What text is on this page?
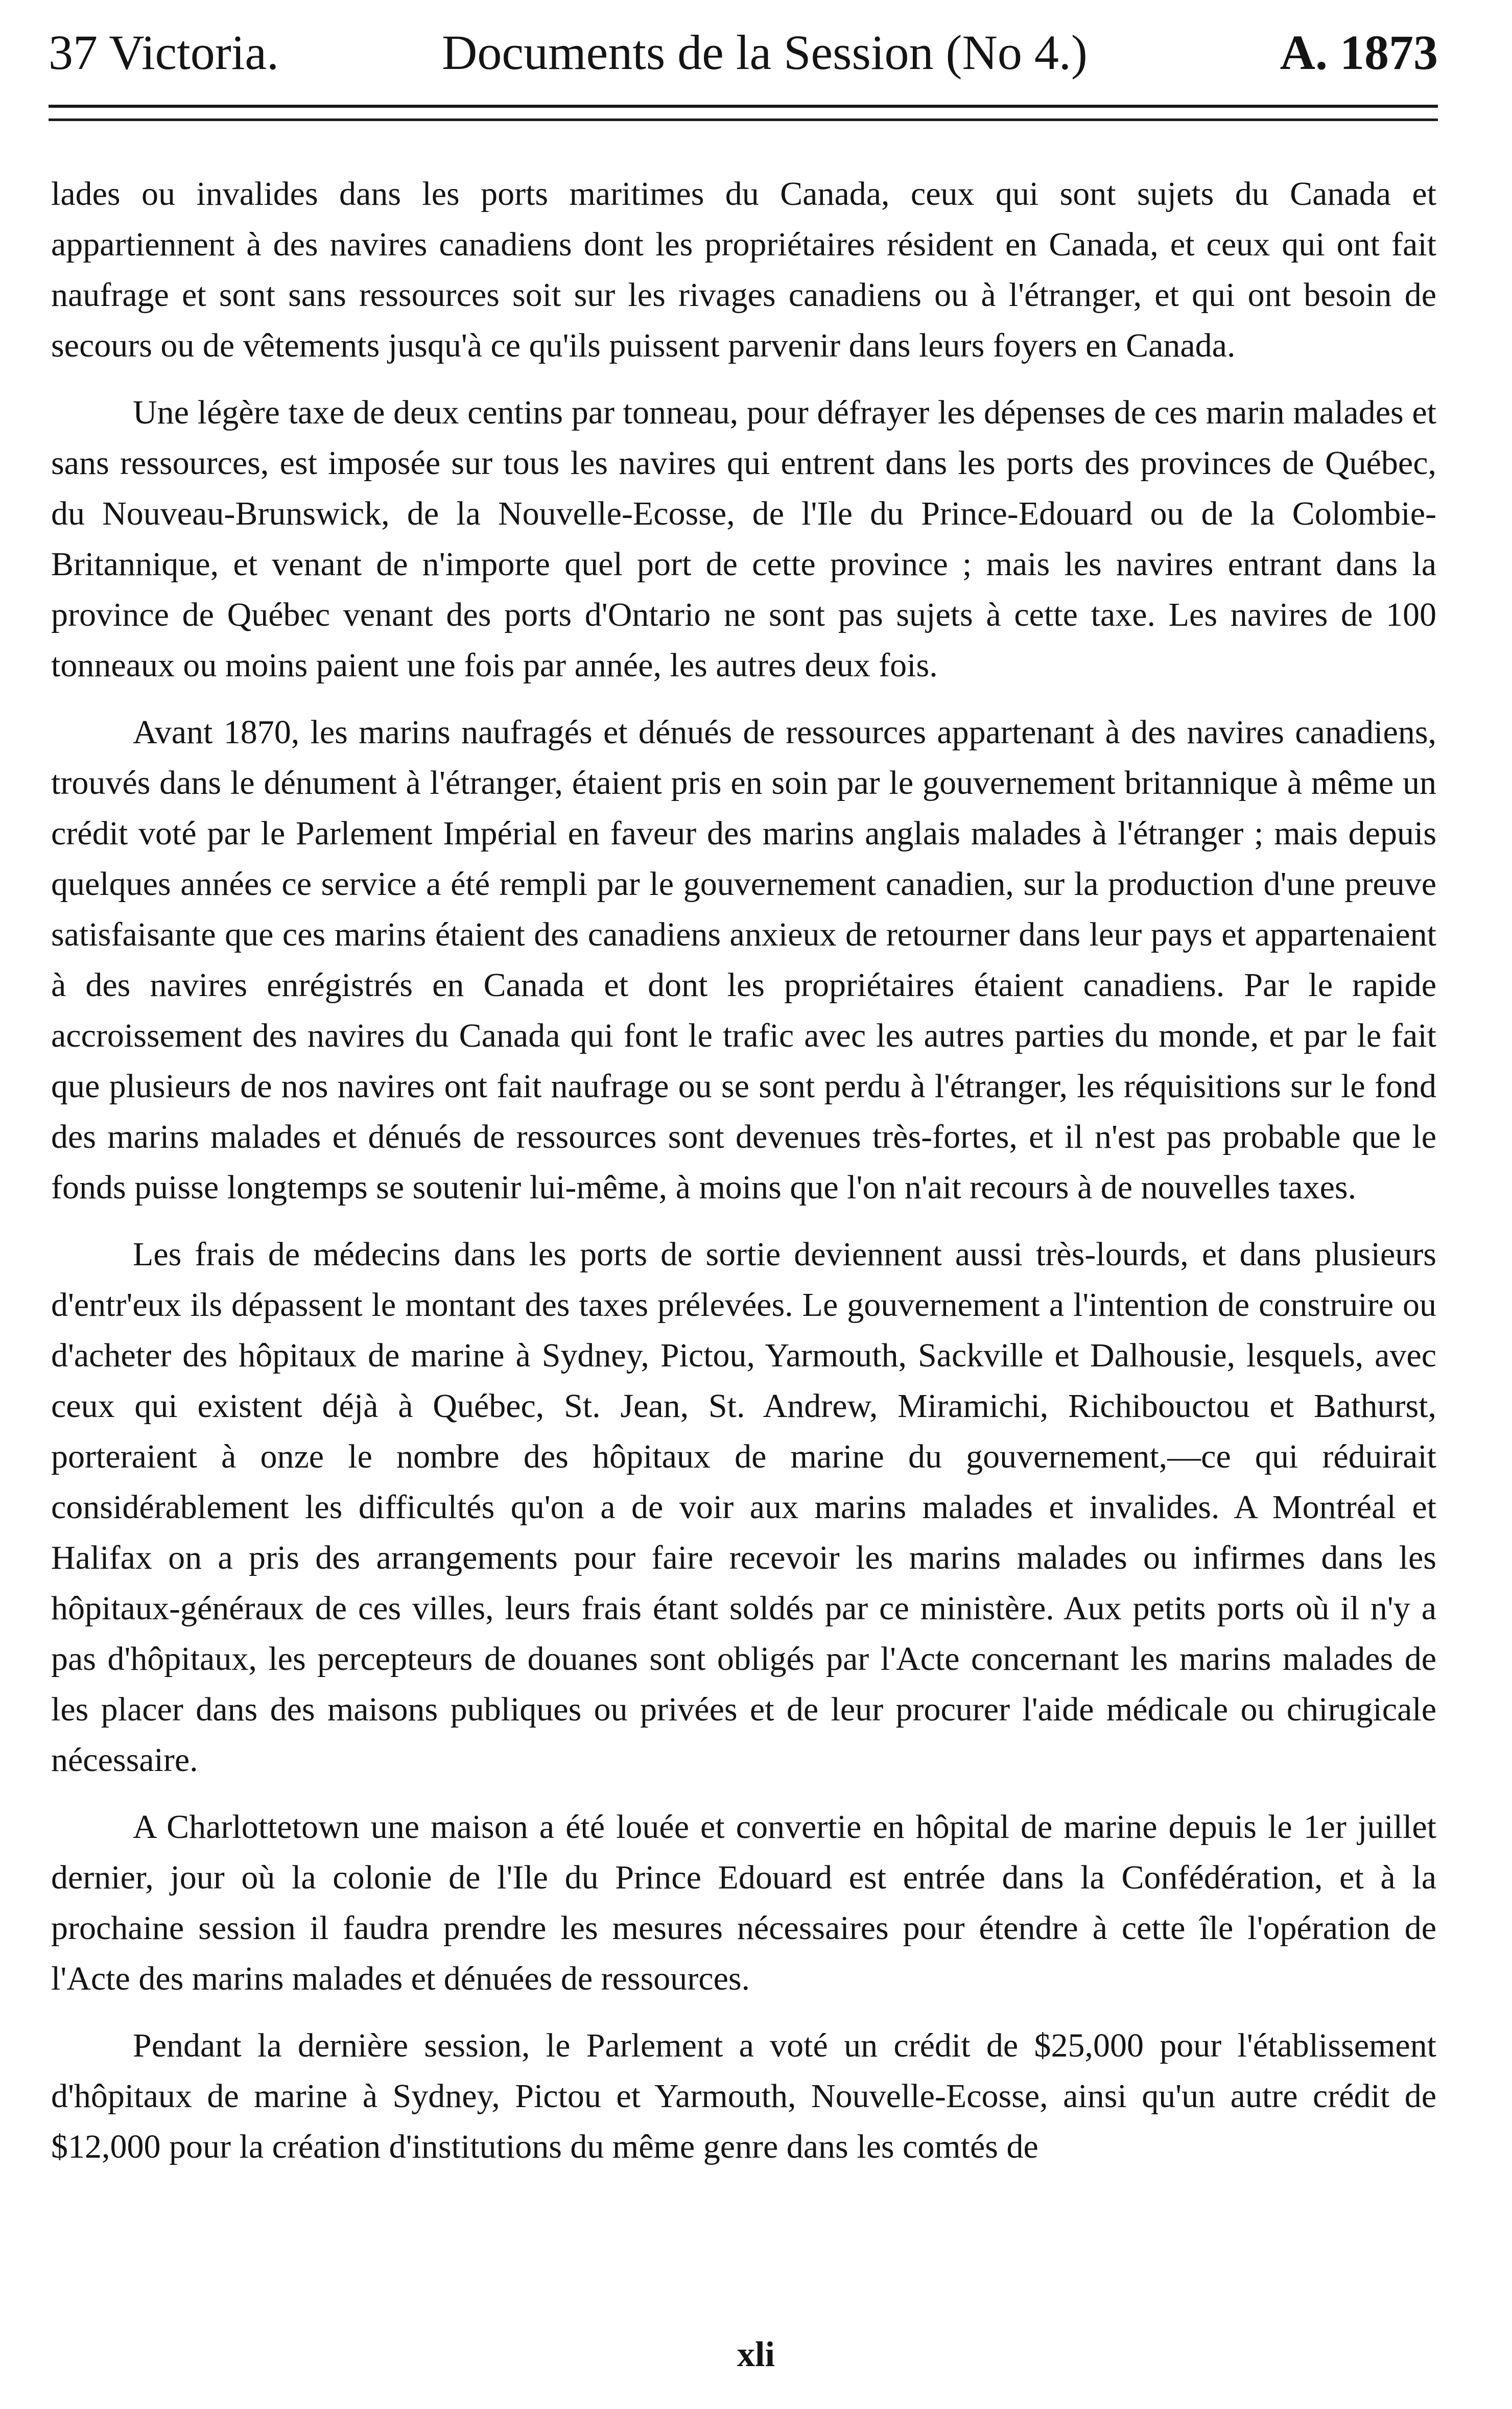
37 Victoria.	Documents de la Session (No 4.)	A. 1873

lades ou invalides dans les ports maritimes du Canada, ceux qui sont sujets du Canada et appartiennent à des navires canadiens dont les propriétaires résident en Canada, et ceux qui ont fait naufrage et sont sans ressources soit sur les rivages canadiens ou à l'étranger, et qui ont besoin de secours ou de vêtements jusqu'à ce qu'ils puissent parvenir dans leurs foyers en Canada.

Une légère taxe de deux centins par tonneau, pour défrayer les dépenses de ces marin malades et sans ressources, est imposée sur tous les navires qui entrent dans les ports des provinces de Québec, du Nouveau-Brunswick, de la Nouvelle-Ecosse, de l'Ile du Prince-Edouard ou de la Colombie-Britannique, et venant de n'importe quel port de cette province ; mais les navires entrant dans la province de Québec venant des ports d'Ontario ne sont pas sujets à cette taxe. Les navires de 100 tonneaux ou moins paient une fois par année, les autres deux fois.

Avant 1870, les marins naufragés et dénués de ressources appartenant à des navires canadiens, trouvés dans le dénument à l'étranger, étaient pris en soin par le gouvernement britannique à même un crédit voté par le Parlement Impérial en faveur des marins anglais malades à l'étranger ; mais depuis quelques années ce service a été rempli par le gouvernement canadien, sur la production d'une preuve satisfaisante que ces marins étaient des canadiens anxieux de retourner dans leur pays et appartenaient à des navires enrégistrés en Canada et dont les propriétaires étaient canadiens. Par le rapide accroissement des navires du Canada qui font le trafic avec les autres parties du monde, et par le fait que plusieurs de nos navires ont fait naufrage ou se sont perdu à l'étranger, les réquisitions sur le fond des marins malades et dénués de ressources sont devenues très-fortes, et il n'est pas probable que le fonds puisse longtemps se soutenir lui-même, à moins que l'on n'ait recours à de nouvelles taxes.

Les frais de médecins dans les ports de sortie deviennent aussi très-lourds, et dans plusieurs d'entr'eux ils dépassent le montant des taxes prélevées. Le gouvernement a l'intention de construire ou d'acheter des hôpitaux de marine à Sydney, Pictou, Yarmouth, Sackville et Dalhousie, lesquels, avec ceux qui existent déjà à Québec, St. Jean, St. Andrew, Miramichi, Richibouctou et Bathurst, porteraient à onze le nombre des hôpitaux de marine du gouvernement,—ce qui réduirait considérablement les difficultés qu'on a de voir aux marins malades et invalides. A Montréal et Halifax on a pris des arrangements pour faire recevoir les marins malades ou infirmes dans les hôpitaux-généraux de ces villes, leurs frais étant soldés par ce ministère. Aux petits ports où il n'y a pas d'hôpitaux, les percepteurs de douanes sont obligés par l'Acte concernant les marins malades de les placer dans des maisons publiques ou privées et de leur procurer l'aide médicale ou chirugicale nécessaire.

A Charlottetown une maison a été louée et convertie en hôpital de marine depuis le 1er juillet dernier, jour où la colonie de l'Ile du Prince Edouard est entrée dans la Confédération, et à la prochaine session il faudra prendre les mesures nécessaires pour étendre à cette île l'opération de l'Acte des marins malades et dénuées de ressources.

Pendant la dernière session, le Parlement a voté un crédit de $25,000 pour l'établissement d'hôpitaux de marine à Sydney, Pictou et Yarmouth, Nouvelle-Ecosse, ainsi qu'un autre crédit de $12,000 pour la création d'institutions du même genre dans les comtés de

xli
